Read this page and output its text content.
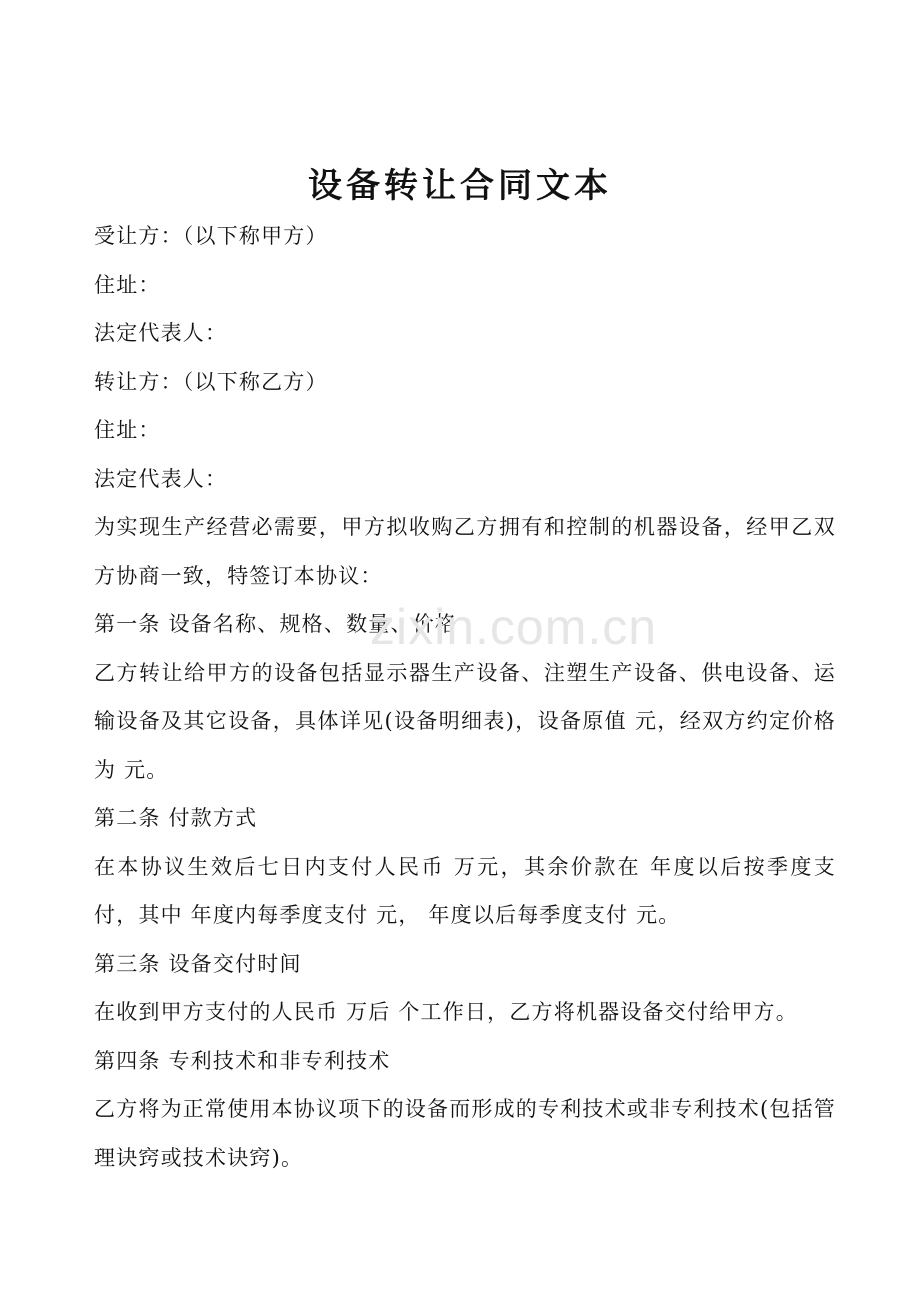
设备转让合同文本
受让方：（以下称甲方）
住址：
法定代表人：
转让方：（以下称乙方）
住址：
法定代表人：
为实现生产经营必需要，甲方拟收购乙方拥有和控制的机器设备，经甲乙双方协商一致，特签订本协议：
第一条 设备名称、规格、数量、价格
乙方转让给甲方的设备包括显示器生产设备、注塑生产设备、供电设备、运输设备及其它设备，具体详见(设备明细表)，设备原值 元，经双方约定价格为 元。
第二条 付款方式
在本协议生效后七日内支付人民币 万元，其余价款在 年度以后按季度支付，其中 年度内每季度支付 元， 年度以后每季度支付 元。
第三条 设备交付时间
在收到甲方支付的人民币 万后 个工作日，乙方将机器设备交付给甲方。
第四条 专利技术和非专利技术
乙方将为正常使用本协议项下的设备而形成的专利技术或非专利技术(包括管理诀窍或技术诀窍)。
zixin.com.cn
